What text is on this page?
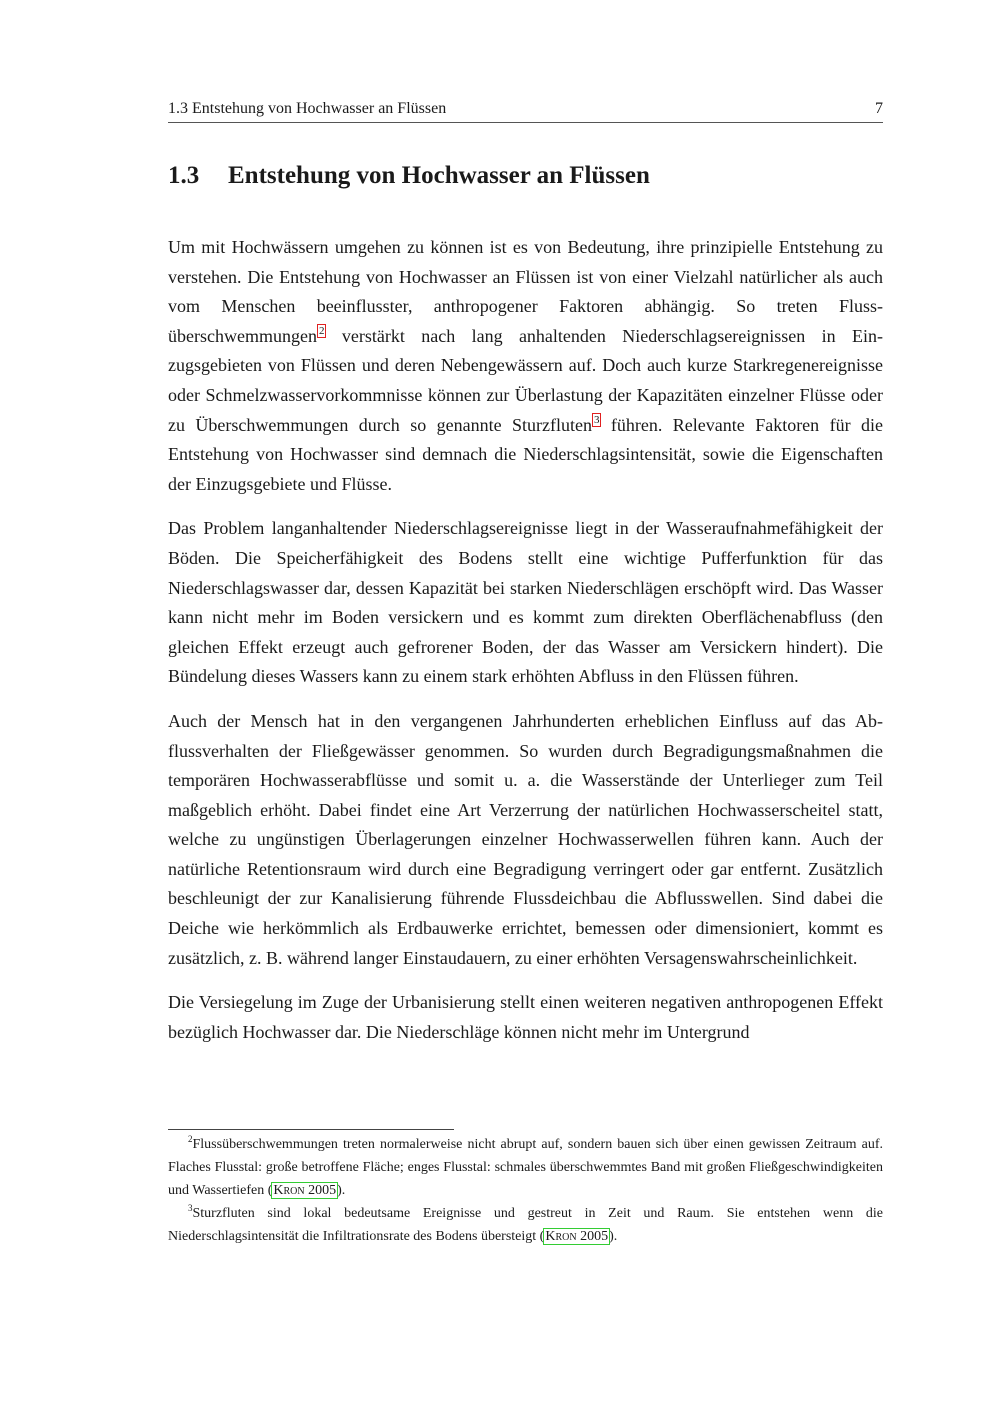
1.3 Entstehung von Hochwasser an Flüssen	7
1.3 Entstehung von Hochwasser an Flüssen

Um mit Hochwässern umgehen zu können ist es von Bedeutung, ihre prinzipielle Entstehung zu verstehen. Die Entstehung von Hochwasser an Flüssen ist von einer Vielzahl natürlicher als auch vom Menschen beeinflusster, anthropogener Faktoren abhängig. So treten Flussüberschwemmungen $^2$ verstärkt nach lang anhaltenden Niederschlagsereignissen in Einzugsgebieten von Flüssen und deren Nebengewässern auf. Doch auch kurze Starkregenereignisse oder Schmelzwasservorkommnisse können zur Überlastung der Kapazitäten einzelner Flüsse oder zu Überschwemmungen durch so genannte Sturzfluten $^3$ führen. Relevante Faktoren für die Entstehung von Hochwasser sind demnach die Niederschlagsintensität, sowie die Eigenschaften der Einzugsgebiete und Flüsse.

Das Problem langanhaltender Niederschlagsereignisse liegt in der Wasseraufnahmefähigkeit der Böden. Die Speicherfähigkeit des Bodens stellt eine wichtige Pufferfunktion für das Niederschlagswasser dar, dessen Kapazität bei starken Niederschlägen erschöpft wird. Das Wasser kann nicht mehr im Boden versickern und es kommt zum direkten Oberflächenabfluss (den gleichen Effekt erzeugt auch gefrorener Boden, der das Wasser am Versickern hindert). Die Bündelung dieses Wassers kann zu einem stark erhöhten Abfluss in den Flüssen führen.

Auch der Mensch hat in den vergangenen Jahrhunderten erheblichen Einfluss auf das Abflussverhalten der Fließgewässer genommen. So wurden durch Begradigungsmaßnahmen die temporären Hochwasserabflüsse und somit u. a. die Wasserstände der Unterlieger zum Teil maßgeblich erhöht. Dabei findet eine Art Verzerrung der natürlichen Hochwasserscheitel statt, welche zu ungünstigen Überlagerungen einzelner Hochwasserwellen führen kann. Auch der natürliche Retentionsraum wird durch eine Begradigung verringert oder gar entfernt. Zusätzlich beschleunigt der zur Kanalisierung führende Flussdeichbau die Abflusswellen. Sind dabei die Deiche wie herkömmlich als Erdbauwerke errichtet, bemessen oder dimensioniert, kommt es zusätzlich, z. B. während langer Einstaudauern, zu einer erhöhten Versagenswahrscheinlichkeit.

Die Versiegelung im Zuge der Urbanisierung stellt einen weiteren negativen anthropogenen Effekt bezüglich Hochwasser dar. Die Niederschläge können nicht mehr im Untergrund

$^2$Flussüberschwemmungen treten normalerweise nicht abrupt auf, sondern bauen sich über einen gewissen Zeitraum auf. Flaches Flusstal: große betroffene Fläche; enges Flusstal: schmales überschwemmtes Band mit großen Fließgeschwindigkeiten und Wassertiefen (Kron 2005).

$^3$Sturzfluten sind lokal bedeutsame Ereignisse und gestreut in Zeit und Raum. Sie entstehen wenn die Niederschlagsintensität die Infiltrationsrate des Bodens übersteigt (Kron 2005).
